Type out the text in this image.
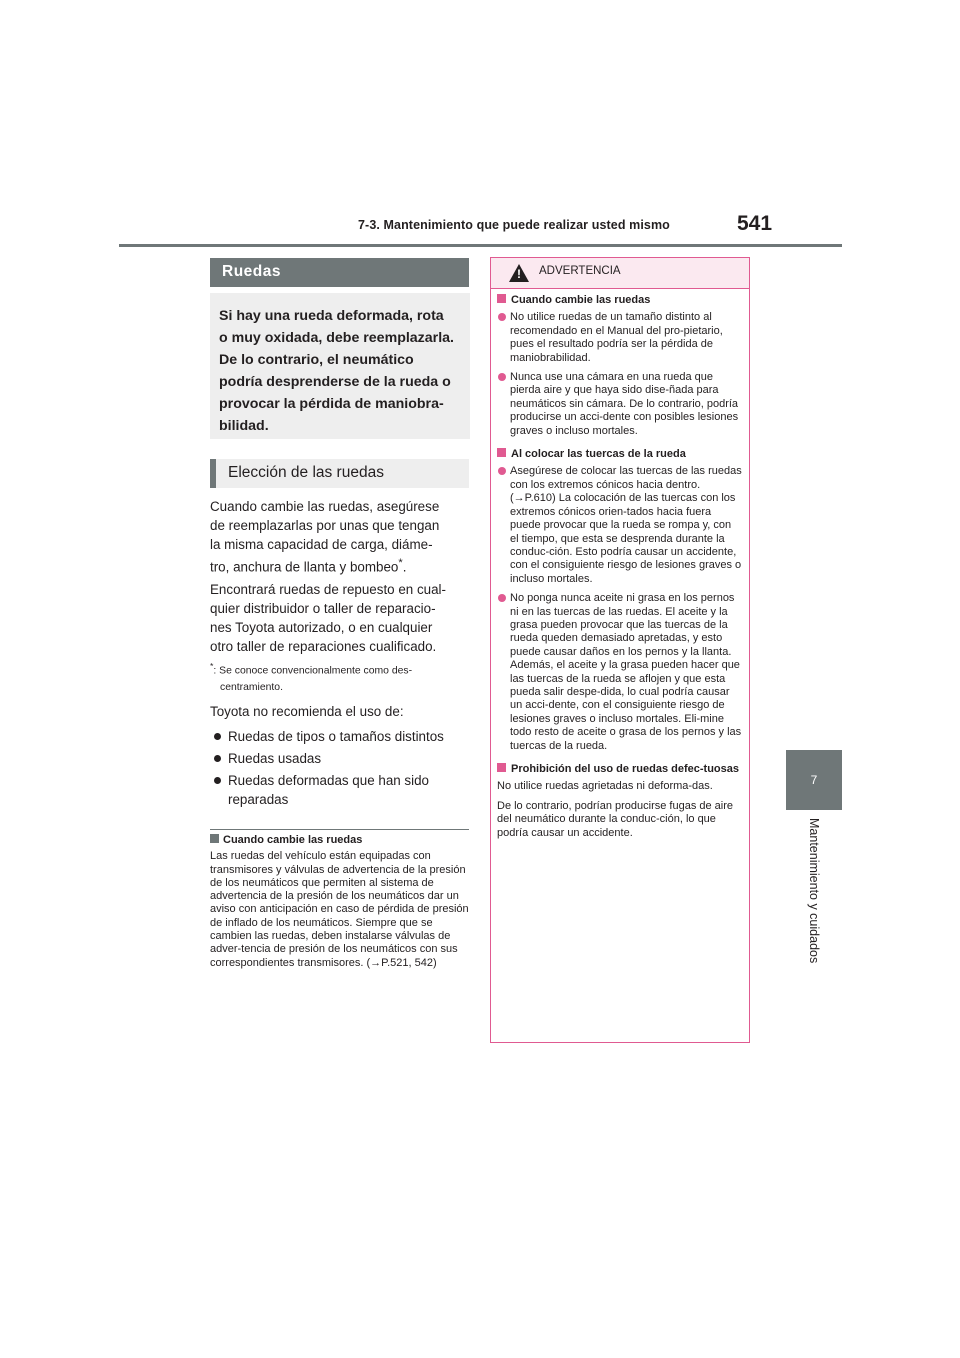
7-3. Mantenimiento que puede realizar usted mismo	541
7
Mantenimiento y cuidados
Ruedas

Si hay una rueda deformada, rota

o muy oxidada, debe reemplazarla.

De lo contrario, el neumático

podría desprenderse de la rueda o

provocar la pérdida de maniobra-

bilidad.

Elección de las ruedas

Cuando cambie las ruedas, asegúrese
de reemplazarlas por unas que tengan
la misma capacidad de carga, diáme-
tro, anchura de llanta y bombeo*.

Encontrará ruedas de repuesto en cual-
quier distribuidor o taller de reparacio-
nes Toyota autorizado, o en cualquier
otro taller de reparaciones cualificado.

*: Se conoce convencionalmente como des-
centramiento.

Toyota no recomienda el uso de:

Ruedas de tipos o tamaños distintos
Ruedas usadas
Ruedas deformadas que han sido reparadas
Cuando cambie las ruedas
Las ruedas del vehículo están equipadas con transmisores y válvulas de advertencia de la presión de los neumáticos que permiten al sistema de advertencia de la presión de los neumáticos dar un aviso con anticipación en caso de pérdida de presión de inflado de los neumáticos. Siempre que se cambien las ruedas, deben instalarse válvulas de adver-tencia de presión de los neumáticos con sus correspondientes transmisores. (→P.521, 542)
!
ADVERTENCIA

Cuando cambie las ruedas

No utilice ruedas de un tamaño distinto al recomendado en el Manual del pro-pietario, pues el resultado podría ser la pérdida de maniobrabilidad.

Nunca use una cámara en una rueda que pierda aire y que haya sido dise-ñada para neumáticos sin cámara. De lo contrario, podría producirse un acci-dente con posibles lesiones graves o incluso mortales.

Al colocar las tuercas de la rueda

Asegúrese de colocar las tuercas de las ruedas con los extremos cónicos hacia dentro. (→P.610) La colocación de las tuercas con los extremos cónicos orien-tados hacia fuera puede provocar que la rueda se rompa y, con el tiempo, que esta se desprenda durante la conduc-ción. Esto podría causar un accidente, con el consiguiente riesgo de lesiones graves o incluso mortales.

No ponga nunca aceite ni grasa en los pernos ni en las tuercas de las ruedas. El aceite y la grasa pueden provocar que las tuercas de la rueda queden demasiado apretadas, y esto puede causar daños en los pernos y la llanta. Además, el aceite y la grasa pueden hacer que las tuercas de la rueda se aflojen y que esta pueda salir despe-dida, lo cual podría causar un acci-dente, con el consiguiente riesgo de lesiones graves o incluso mortales. Eli-mine todo resto de aceite o grasa de los pernos y las tuercas de la rueda.

Prohibición del uso de ruedas defec-tuosas

No utilice ruedas agrietadas ni deforma-das.

De lo contrario, podrían producirse fugas de aire del neumático durante la conduc-ción, lo que podría causar un accidente.
